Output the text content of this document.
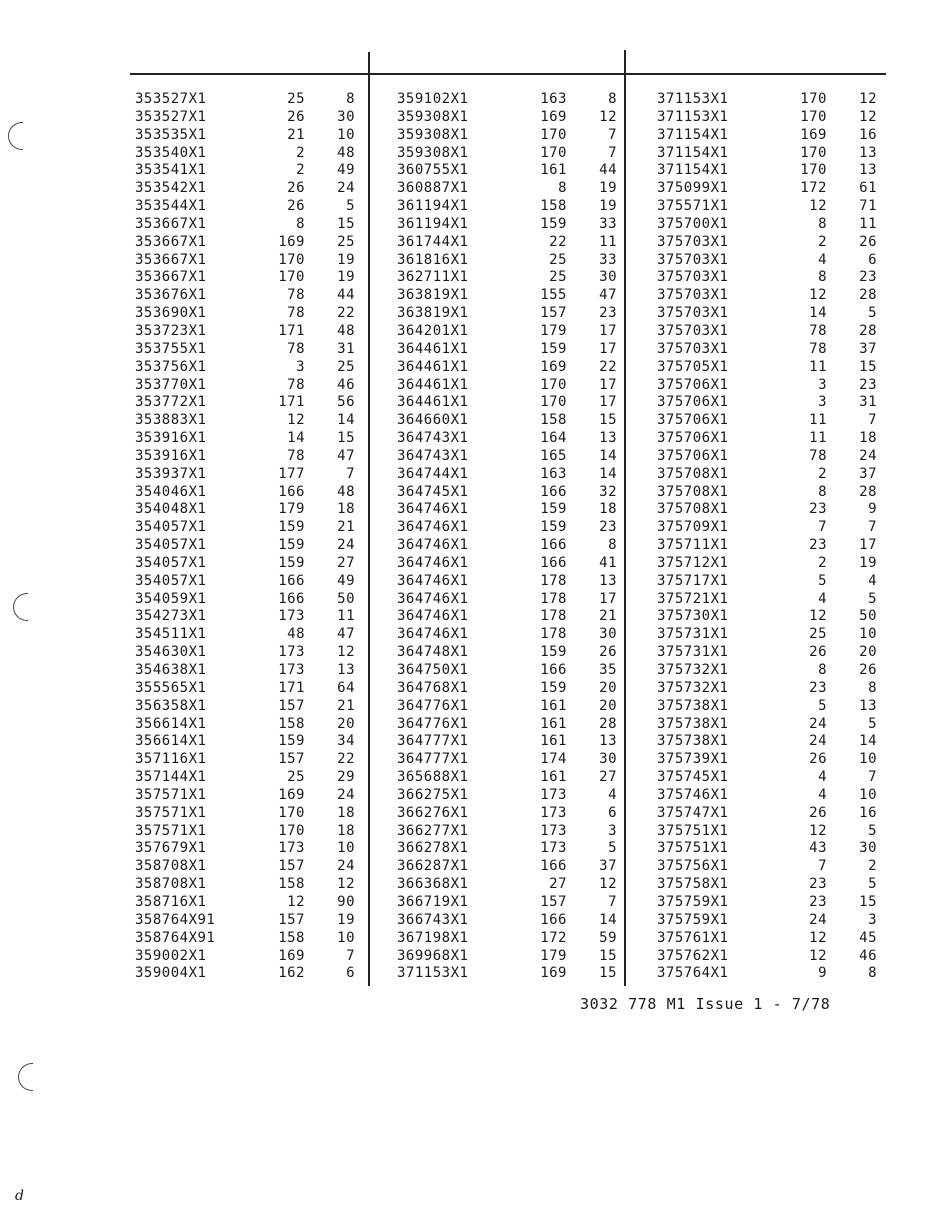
353527X1	25	8
353527X1	26	30
353535X1	21	10
353540X1	2	48
353541X1	2	49
353542X1	26	24
353544X1	26	5
353667X1	8	15
353667X1	169	25
353667X1	170	19
353667X1	170	19
353676X1	78	44
353690X1	78	22
353723X1	171	48
353755X1	78	31
353756X1	3	25
353770X1	78	46
353772X1	171	56
353883X1	12	14
353916X1	14	15
353916X1	78	47
353937X1	177	7
354046X1	166	48
354048X1	179	18
354057X1	159	21
354057X1	159	24
354057X1	159	27
354057X1	166	49
354059X1	166	50
354273X1	173	11
354511X1	48	47
354630X1	173	12
354638X1	173	13
355565X1	171	64
356358X1	157	21
356614X1	158	20
356614X1	159	34
357116X1	157	22
357144X1	25	29
357571X1	169	24
357571X1	170	18
357571X1	170	18
357679X1	173	10
358708X1	157	24
358708X1	158	12
358716X1	12	90
358764X91	157	19
358764X91	158	10
359002X1	169	7
359004X1	162	6
359102X1	163	8
359308X1	169	12
359308X1	170	7
359308X1	170	7
360755X1	161	44
360887X1	8	19
361194X1	158	19
361194X1	159	33
361744X1	22	11
361816X1	25	33
362711X1	25	30
363819X1	155	47
363819X1	157	23
364201X1	179	17
364461X1	159	17
364461X1	169	22
364461X1	170	17
364461X1	170	17
364660X1	158	15
364743X1	164	13
364743X1	165	14
364744X1	163	14
364745X1	166	32
364746X1	159	18
364746X1	159	23
364746X1	166	8
364746X1	166	41
364746X1	178	13
364746X1	178	17
364746X1	178	21
364746X1	178	30
364748X1	159	26
364750X1	166	35
364768X1	159	20
364776X1	161	20
364776X1	161	28
364777X1	161	13
364777X1	174	30
365688X1	161	27
366275X1	173	4
366276X1	173	6
366277X1	173	3
366278X1	173	5
366287X1	166	37
366368X1	27	12
366719X1	157	7
366743X1	166	14
367198X1	172	59
369968X1	179	15
371153X1	169	15
371153X1	170	12
371153X1	170	12
371154X1	169	16
371154X1	170	13
371154X1	170	13
375099X1	172	61
375571X1	12	71
375700X1	8	11
375703X1	2	26
375703X1	4	6
375703X1	8	23
375703X1	12	28
375703X1	14	5
375703X1	78	28
375703X1	78	37
375705X1	11	15
375706X1	3	23
375706X1	3	31
375706X1	11	7
375706X1	11	18
375706X1	78	24
375708X1	2	37
375708X1	8	28
375708X1	23	9
375709X1	7	7
375711X1	23	17
375712X1	2	19
375717X1	5	4
375721X1	4	5
375730X1	12	50
375731X1	25	10
375731X1	26	20
375732X1	8	26
375732X1	23	8
375738X1	5	13
375738X1	24	5
375738X1	24	14
375739X1	26	10
375745X1	4	7
375746X1	4	10
375747X1	26	16
375751X1	12	5
375751X1	43	30
375756X1	7	2
375758X1	23	5
375759X1	23	15
375759X1	24	3
375761X1	12	45
375762X1	12	46
375764X1	9	8
3032 778 M1 Issue 1 - 7/78
d
